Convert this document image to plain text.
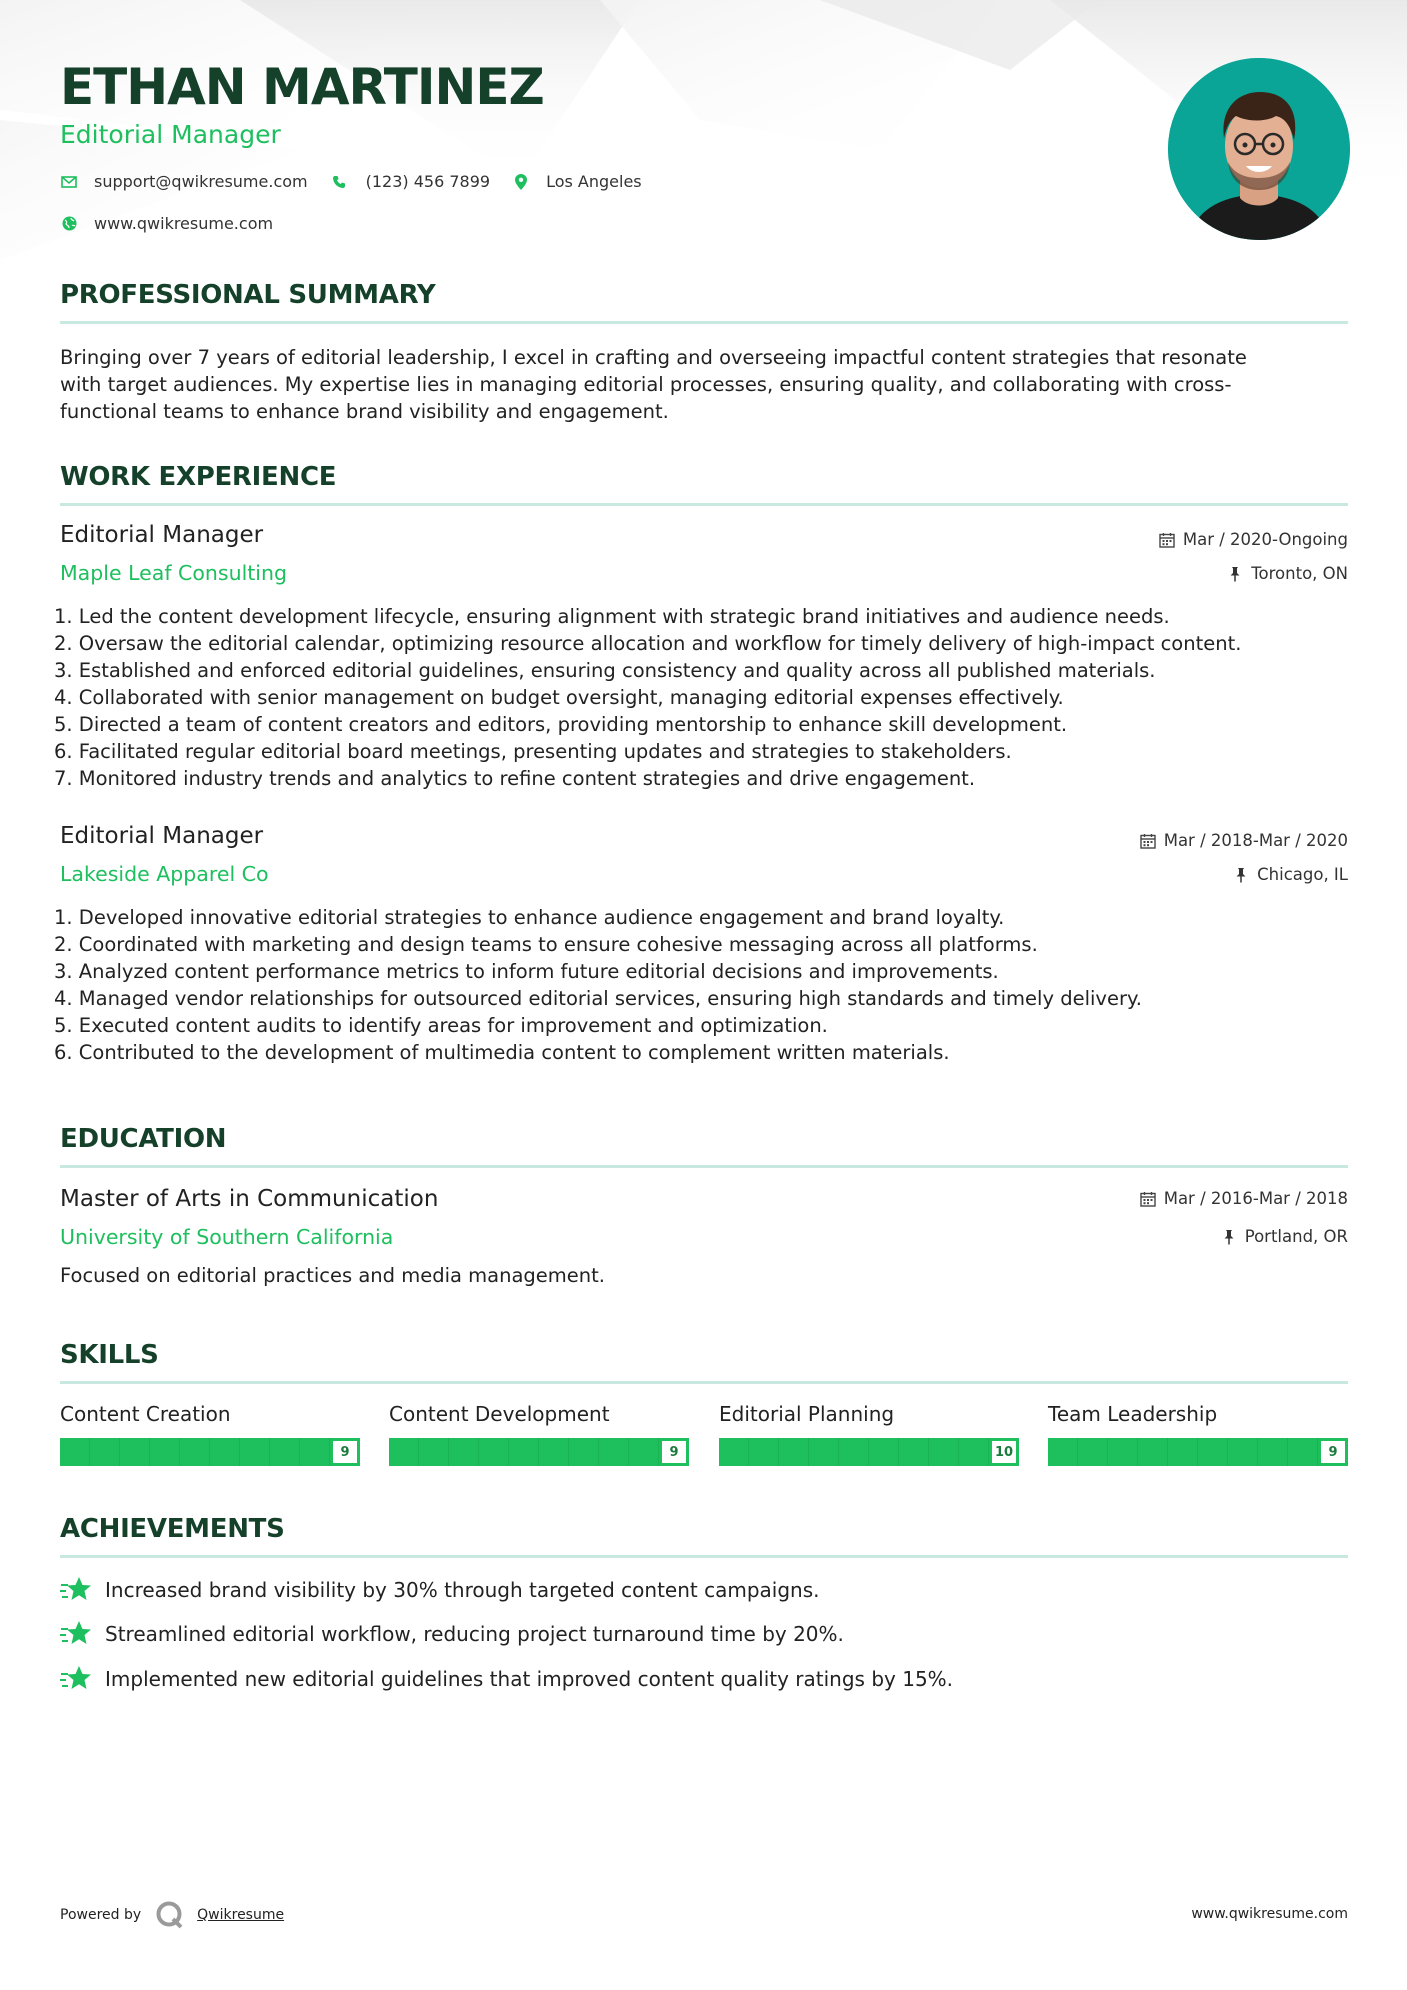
ETHAN MARTINEZ
Editorial Manager
support@qwikresume.com	(123) 456 7899	Los Angeles
www.qwikresume.com
PROFESSIONAL SUMMARY
Bringing over 7 years of editorial leadership, I excel in crafting and overseeing impactful content strategies that resonate
with target audiences. My expertise lies in managing editorial processes, ensuring quality, and collaborating with cross-
functional teams to enhance brand visibility and engagement.
WORK EXPERIENCE
Editorial Manager
Maple Leaf Consulting
Mar / 2020-Ongoing
Toronto, ON
1. Led the content development lifecycle, ensuring alignment with strategic brand initiatives and audience needs.
2. Oversaw the editorial calendar, optimizing resource allocation and workflow for timely delivery of high-impact content.
3. Established and enforced editorial guidelines, ensuring consistency and quality across all published materials.
4. Collaborated with senior management on budget oversight, managing editorial expenses effectively.
5. Directed a team of content creators and editors, providing mentorship to enhance skill development.
6. Facilitated regular editorial board meetings, presenting updates and strategies to stakeholders.
7. Monitored industry trends and analytics to refine content strategies and drive engagement.
Editorial Manager
Lakeside Apparel Co
Mar / 2018-Mar / 2020
Chicago, IL
1. Developed innovative editorial strategies to enhance audience engagement and brand loyalty.
2. Coordinated with marketing and design teams to ensure cohesive messaging across all platforms.
3. Analyzed content performance metrics to inform future editorial decisions and improvements.
4. Managed vendor relationships for outsourced editorial services, ensuring high standards and timely delivery.
5. Executed content audits to identify areas for improvement and optimization.
6. Contributed to the development of multimedia content to complement written materials.
EDUCATION
Master of Arts in Communication
University of Southern California
Mar / 2016-Mar / 2018
Portland, OR
Focused on editorial practices and media management.
SKILLS
Content Creation
9
Content Development
9
Editorial Planning
10
Team Leadership
9
ACHIEVEMENTS
Increased brand visibility by 30% through targeted content campaigns.
Streamlined editorial workflow, reducing project turnaround time by 20%.
Implemented new editorial guidelines that improved content quality ratings by 15%.
Powered by	Qwikresume	www.qwikresume.com
